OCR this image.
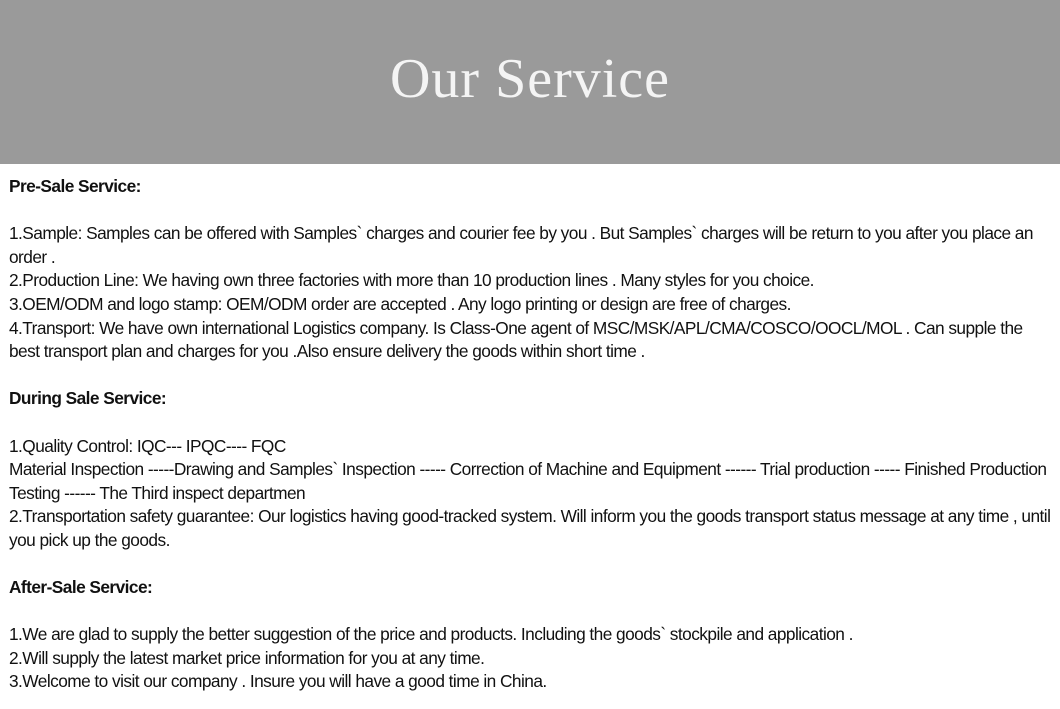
Our Service

Pre-Sale Service:

1.Sample: Samples can be offered with Samples` charges and courier fee by you . But Samples` charges will be return to you after you place an order .

2.Production Line: We having own three factories with more than 10 production lines . Many styles for you choice.

3.OEM/ODM and logo stamp: OEM/ODM order are accepted . Any logo printing or design are free of charges.

4.Transport: We have own international Logistics company. Is Class-One agent of MSC/MSK/APL/CMA/COSCO/OOCL/MOL . Can supple the best transport plan and charges for you .Also ensure delivery the goods within short time .

During Sale Service:

1.Quality Control: IQC--- IPQC---- FQC

Material Inspection -----Drawing and Samples` Inspection ----- Correction of Machine and Equipment ------ Trial production ----- Finished Production Testing ------ The Third inspect departmen

2.Transportation safety guarantee: Our logistics having good-tracked system. Will inform you the goods transport status message at any time , until you pick up the goods.

After-Sale Service:

1.We are glad to supply the better suggestion of the price and products. Including the goods` stockpile and application .

2.Will supply the latest market price information for you at any time.

3.Welcome to visit our company . Insure you will have a good time in China.
